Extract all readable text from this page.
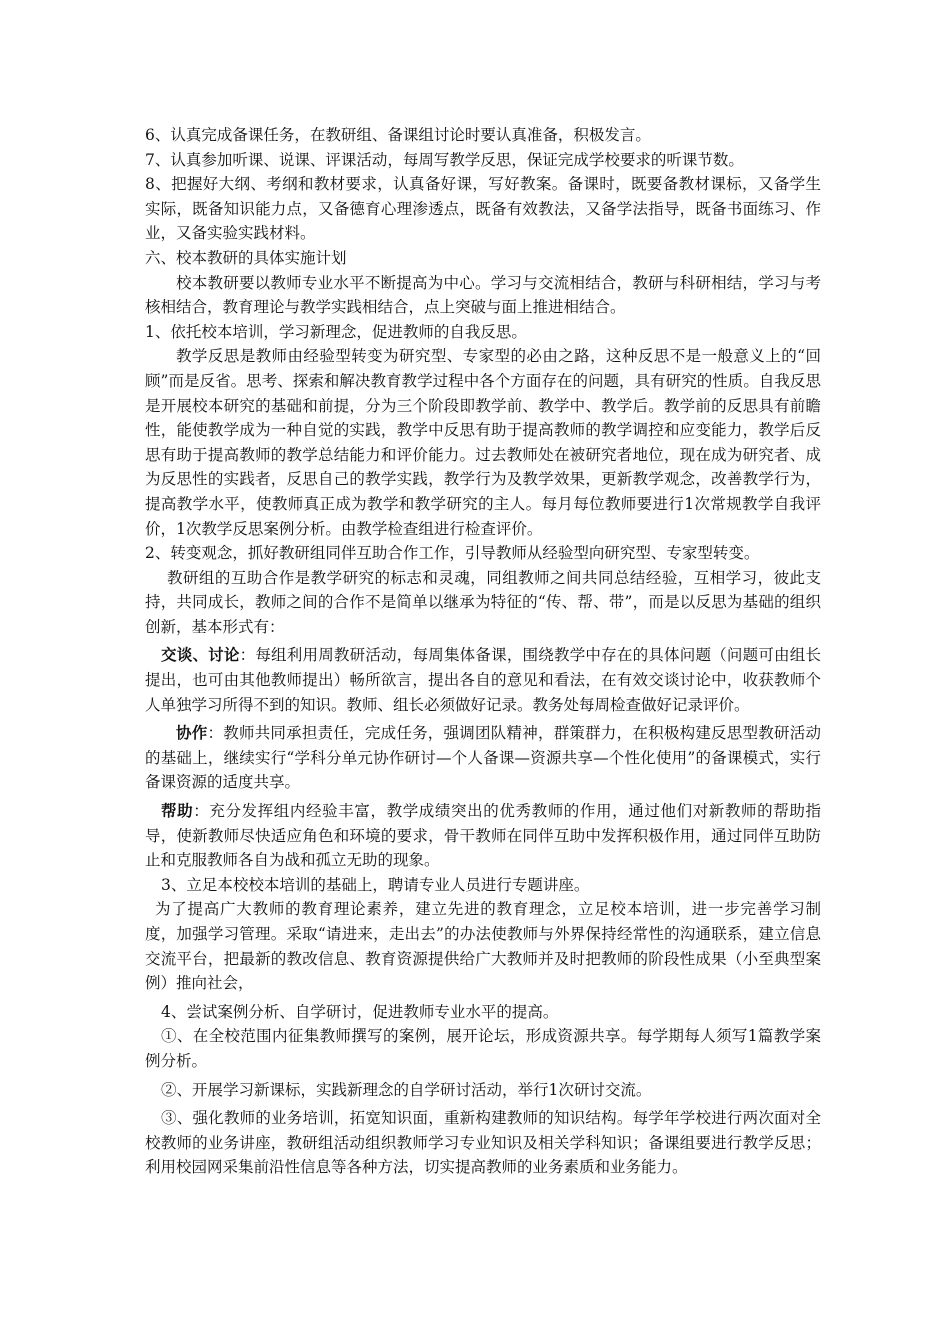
6、认真完成备课任务，在教研组、备课组讨论时要认真准备，积极发言。

7、认真参加听课、说课、评课活动，每周写教学反思，保证完成学校要求的听课节数。

8、把握好大纲、考纲和教材要求，认真备好课，写好教案。备课时，既要备教材课标，又备学生实际，既备知识能力点，又备德育心理渗透点，既备有效教法，又备学法指导，既备书面练习、作业，又备实验实践材料。

六、校本教研的具体实施计划

校本教研要以教师专业水平不断提高为中心。学习与交流相结合，教研与科研相结，学习与考核相结合，教育理论与教学实践相结合，点上突破与面上推进相结合。

1、依托校本培训，学习新理念，促进教师的自我反思。

教学反思是教师由经验型转变为研究型、专家型的必由之路，这种反思不是一般意义上的“回顾”而是反省。思考、探索和解决教育教学过程中各个方面存在的问题，具有研究的性质。自我反思是开展校本研究的基础和前提，分为三个阶段即教学前、教学中、教学后。教学前的反思具有前瞻性，能使教学成为一种自觉的实践，教学中反思有助于提高教师的教学调控和应变能力，教学后反思有助于提高教师的教学总结能力和评价能力。过去教师处在被研究者地位，现在成为研究者、成为反思性的实践者，反思自己的教学实践，教学行为及教学效果，更新教学观念，改善教学行为，提高教学水平，使教师真正成为教学和教学研究的主人。每月每位教师要进行1次常规教学自我评价，1次教学反思案例分析。由教学检查组进行检查评价。

2、转变观念，抓好教研组同伴互助合作工作，引导教师从经验型向研究型、专家型转变。

教研组的互助合作是教学研究的标志和灵魂，同组教师之间共同总结经验，互相学习，彼此支持，共同成长，教师之间的合作不是简单以继承为特征的“传、帮、带”，而是以反思为基础的组织创新，基本形式有：

交谈、讨论：每组利用周教研活动，每周集体备课，围绕教学中存在的具体问题（问题可由组长提出，也可由其他教师提出）畅所欲言，提出各自的意见和看法，在有效交谈讨论中，收获教师个人单独学习所得不到的知识。教师、组长必须做好记录。教务处每周检查做好记录评价。

协作：教师共同承担责任，完成任务，强调团队精神，群策群力，在积极构建反思型教研活动的基础上，继续实行“学科分单元协作研讨—个人备课—资源共享—个性化使用”的备课模式，实行备课资源的适度共享。

帮助：充分发挥组内经验丰富，教学成绩突出的优秀教师的作用，通过他们对新教师的帮助指导，使新教师尽快适应角色和环境的要求，骨干教师在同伴互助中发挥积极作用，通过同伴互助防止和克服教师各自为战和孤立无助的现象。

3、立足本校校本培训的基础上，聘请专业人员进行专题讲座。

为了提高广大教师的教育理论素养，建立先进的教育理念，立足校本培训，进一步完善学习制度，加强学习管理。采取“请进来，走出去”的办法使教师与外界保持经常性的沟通联系，建立信息交流平台，把最新的教改信息、教育资源提供给广大教师并及时把教师的阶段性成果（小至典型案例）推向社会，

4、尝试案例分析、自学研讨，促进教师专业水平的提高。

①、在全校范围内征集教师撰写的案例，展开论坛，形成资源共享。每学期每人须写1篇教学案例分析。

②、开展学习新课标，实践新理念的自学研讨活动，举行1次研讨交流。

③、强化教师的业务培训，拓宽知识面，重新构建教师的知识结构。每学年学校进行两次面对全校教师的业务讲座，教研组活动组织教师学习专业知识及相关学科知识；备课组要进行教学反思；利用校园网采集前沿性信息等各种方法，切实提高教师的业务素质和业务能力。
